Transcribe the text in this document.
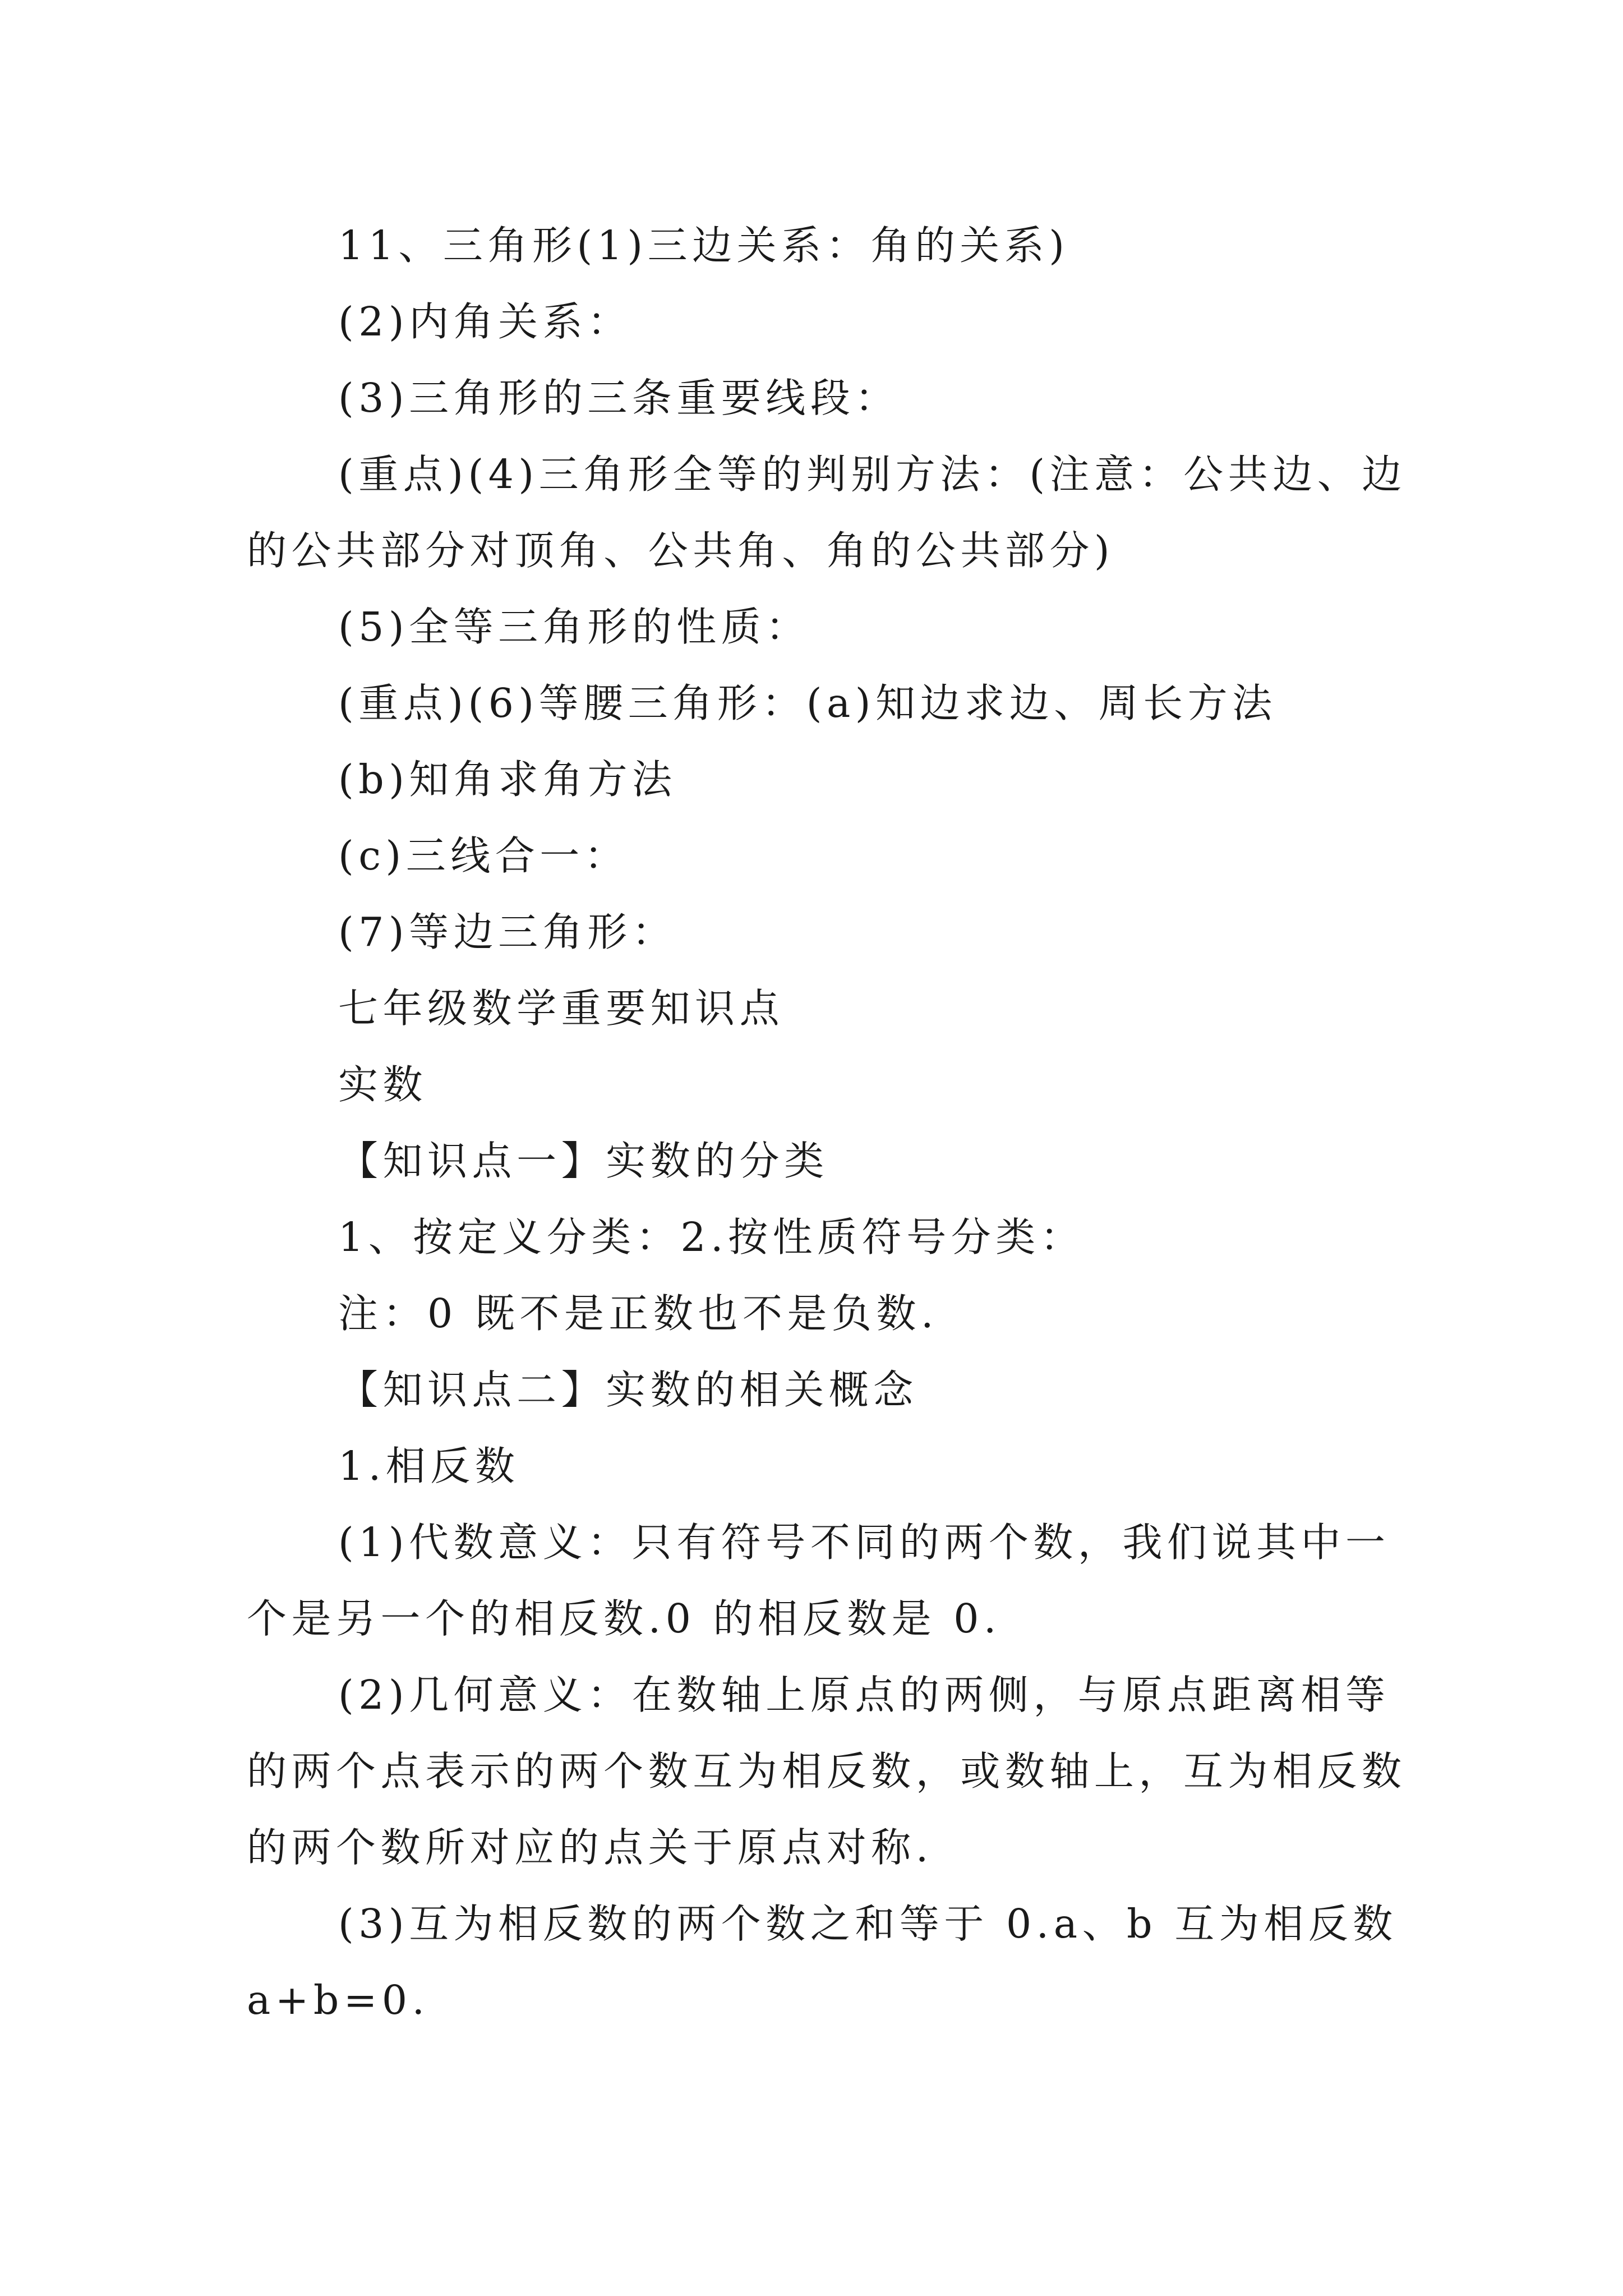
11、三角形(1)三边关系：角的关系)

(2)内角关系：

(3)三角形的三条重要线段：

(重点)(4)三角形全等的判别方法：(注意：公共边、边

的公共部分对顶角、公共角、角的公共部分)

(5)全等三角形的性质：

(重点)(6)等腰三角形：(a)知边求边、周长方法

(b)知角求角方法

(c)三线合一：

(7)等边三角形：

七年级数学重要知识点

实数

【知识点一】实数的分类

1、按定义分类：2.按性质符号分类：

注：0 既不是正数也不是负数.

【知识点二】实数的相关概念

1.相反数

(1)代数意义：只有符号不同的两个数，我们说其中一

个是另一个的相反数.0 的相反数是 0.

(2)几何意义：在数轴上原点的两侧，与原点距离相等

的两个点表示的两个数互为相反数，或数轴上，互为相反数

的两个数所对应的点关于原点对称.

(3)互为相反数的两个数之和等于 0.a、b 互为相反数

a+b=0.
